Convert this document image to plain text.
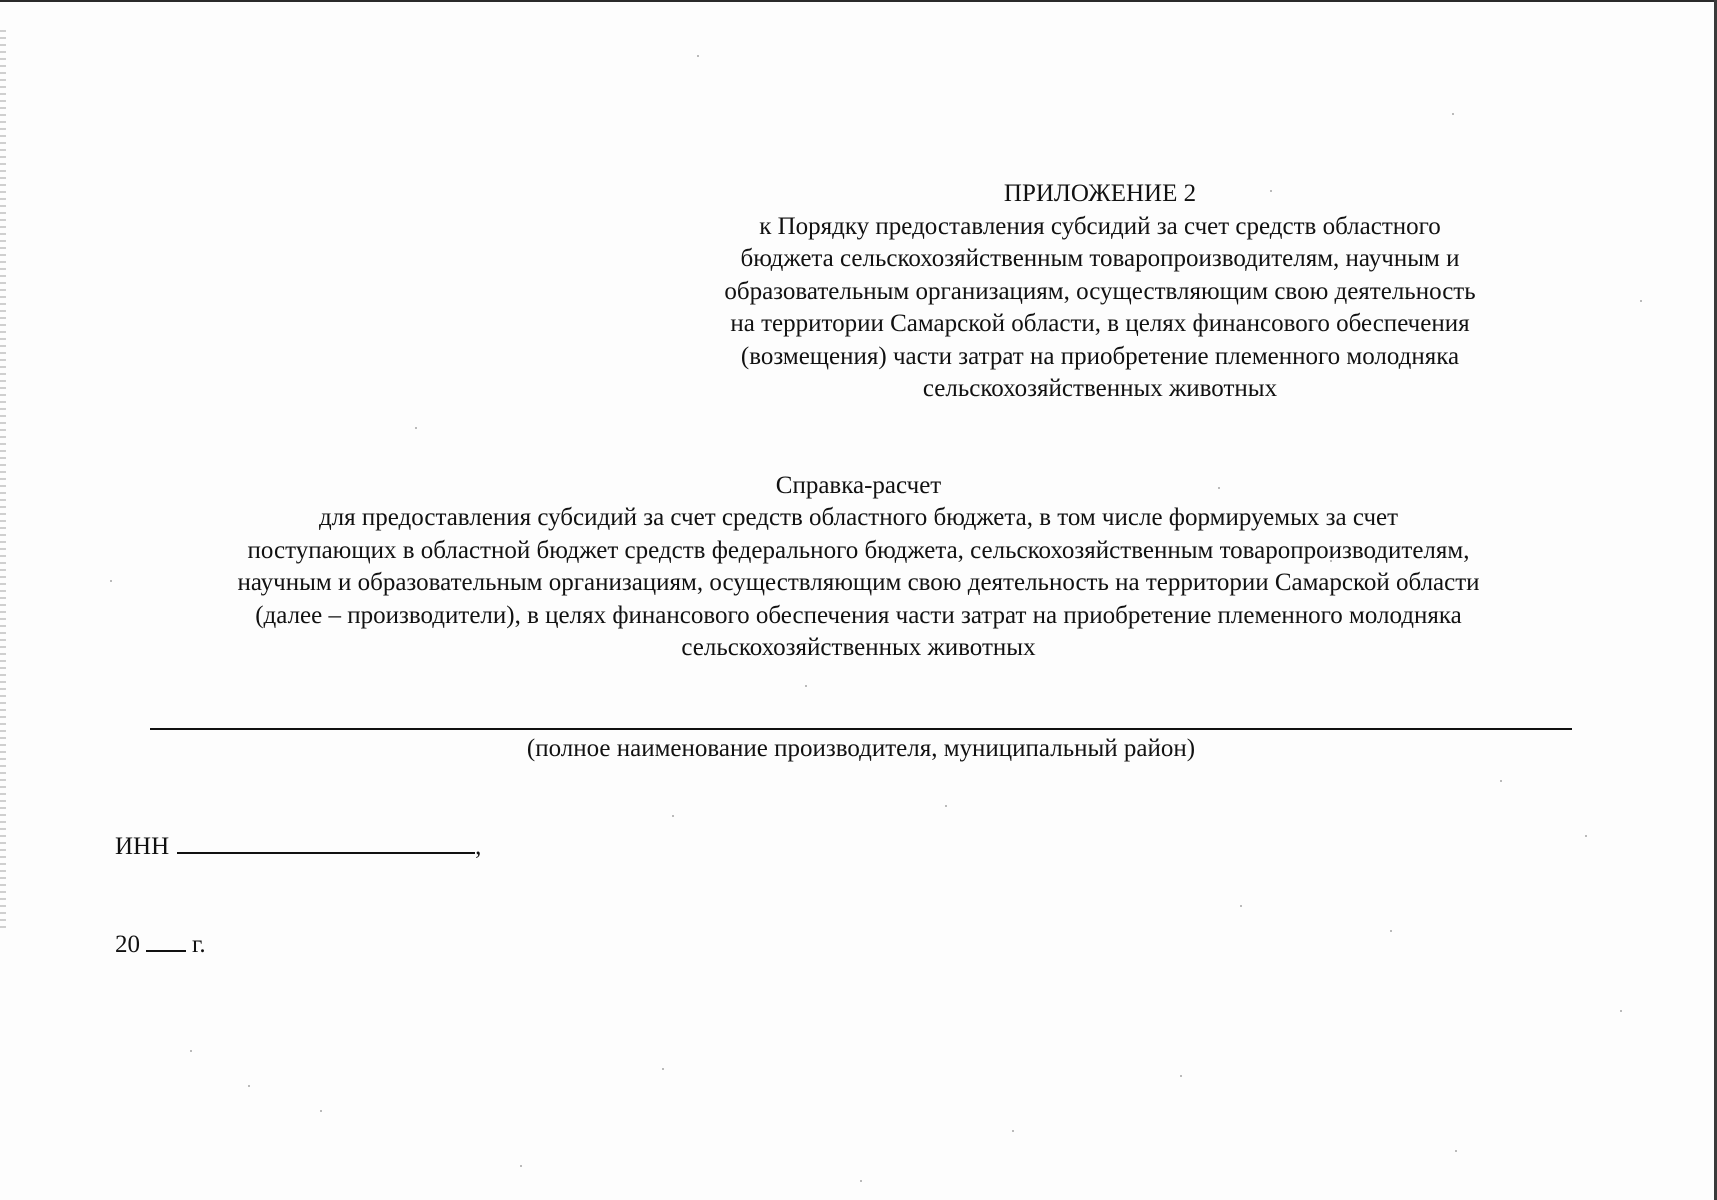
ПРИЛОЖЕНИЕ 2
к Порядку предоставления субсидий за счет средств областного
бюджета сельскохозяйственным товаропроизводителям, научным и
образовательным организациям, осуществляющим свою деятельность
на территории Самарской области, в целях финансового обеспечения
(возмещения) части затрат на приобретение племенного молодняка
сельскохозяйственных животных
Справка-расчет
для предоставления субсидий за счет средств областного бюджета, в том числе формируемых за счет
поступающих в областной бюджет средств федерального бюджета, сельскохозяйственным товаропроизводителям,
научным и образовательным организациям, осуществляющим свою деятельность на территории Самарской области
(далее – производители), в целях финансового обеспечения части затрат на приобретение племенного молодняка
сельскохозяйственных животных
(полное наименование производителя, муниципальный район)
ИНН	,
20 г.
